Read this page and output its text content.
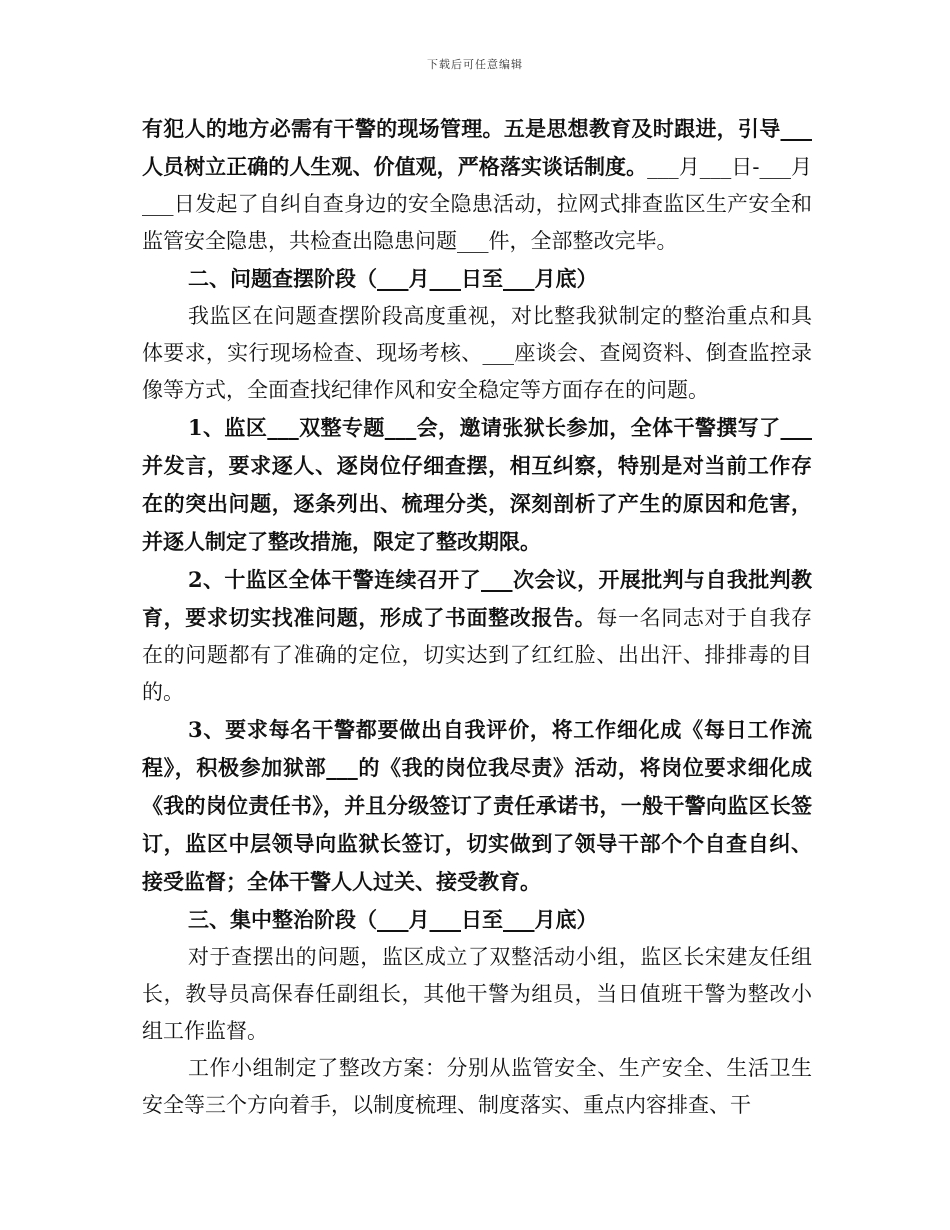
下载后可任意编辑

有犯人的地方必需有干警的现场管理。五是思想教育及时跟进，引导___人员树立正确的人生观、价值观，严格落实谈话制度。___月___日-___月___日发起了自纠自查身边的安全隐患活动，拉网式排查监区生产安全和监管安全隐患，共检查出隐患问题___件，全部整改完毕。

二、问题查摆阶段（___月___日至___月底）

我监区在问题查摆阶段高度重视，对比整我狱制定的整治重点和具体要求，实行现场检查、现场考核、___座谈会、查阅资料、倒查监控录像等方式，全面查找纪律作风和安全稳定等方面存在的问题。

1、监区___双整专题___会，邀请张狱长参加，全体干警撰写了___并发言，要求逐人、逐岗位仔细查摆，相互纠察，特别是对当前工作存在的突出问题，逐条列出、梳理分类，深刻剖析了产生的原因和危害，并逐人制定了整改措施，限定了整改期限。

2、十监区全体干警连续召开了___次会议，开展批判与自我批判教育，要求切实找准问题，形成了书面整改报告。每一名同志对于自我存在的问题都有了准确的定位，切实达到了红红脸、出出汗、排排毒的目的。

3、要求每名干警都要做出自我评价，将工作细化成《每日工作流程》，积极参加狱部___的《我的岗位我尽责》活动，将岗位要求细化成《我的岗位责任书》，并且分级签订了责任承诺书，一般干警向监区长签订，监区中层领导向监狱长签订，切实做到了领导干部个个自查自纠、接受监督；全体干警人人过关、接受教育。

三、集中整治阶段（___月___日至___月底）

对于查摆出的问题，监区成立了双整活动小组，监区长宋建友任组长，教导员高保春任副组长，其他干警为组员，当日值班干警为整改小组工作监督。

工作小组制定了整改方案：分别从监管安全、生产安全、生活卫生安全等三个方向着手，以制度梳理、制度落实、重点内容排查、干
